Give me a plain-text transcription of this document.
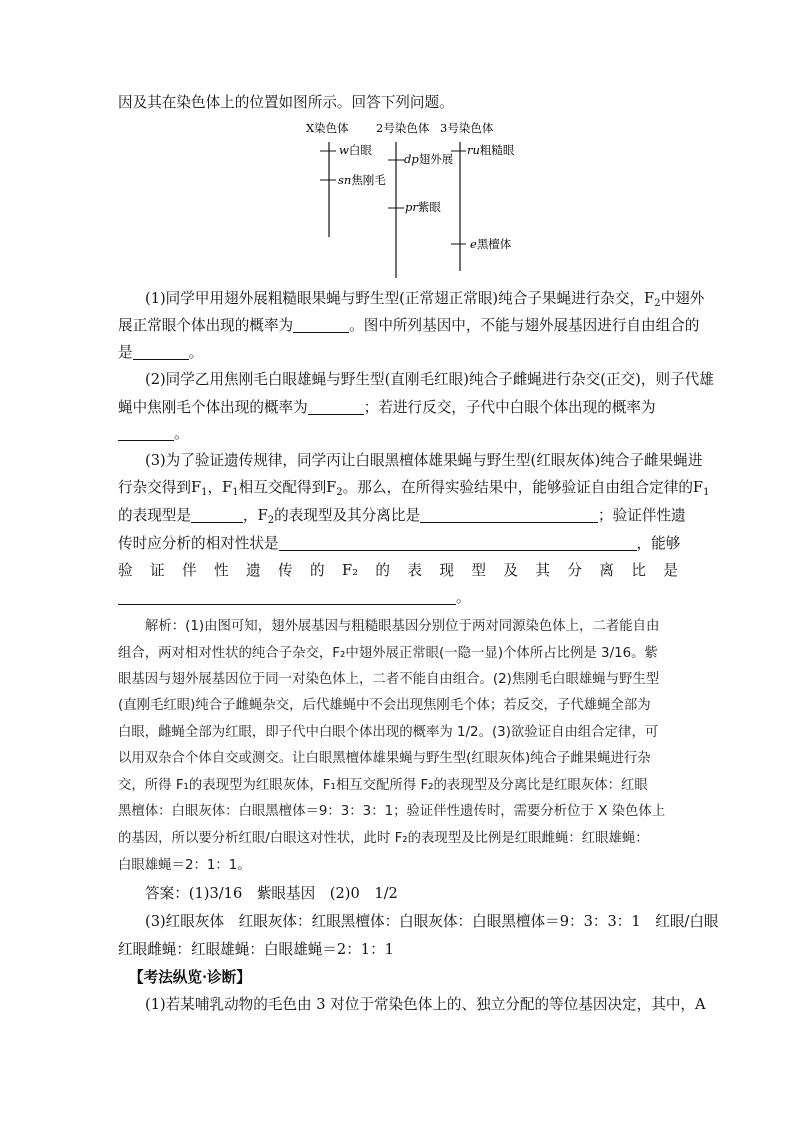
因及其在染色体上的位置如图所示。回答下列问题。
X染色体 2号染色体 3号染色体
w白眼
sn焦刚毛
dp翅外展
pr紫眼
ru粗糙眼
e黑檀体
(1)同学甲用翅外展粗糙眼果蝇与野生型(正常翅正常眼)纯合子果蝇进行杂交，$F_2$中翅外
展正常眼个体出现的概率为	。图中所列基因中，不能与翅外展基因进行自由组合的
是	。
(2)同学乙用焦刚毛白眼雄蝇与野生型(直刚毛红眼)纯合子雌蝇进行杂交(正交)，则子代雄
蝇中焦刚毛个体出现的概率为	；若进行反交，子代中白眼个体出现的概率为
。
(3)为了验证遗传规律，同学丙让白眼黑檀体雄果蝇与野生型(红眼灰体)纯合子雌果蝇进
行杂交得到$F_1$，$F_1$相互交配得到$F_2$。那么，在所得实验结果中，能够验证自由组合定律的$F_1$
的表现型是	，$F_2$的表现型及其分离比是	；验证伴性遗
传时应分析的相对性状是	，能够
验 证 伴 性 遗 传 的 F₂ 的 表 现 型 及 其 分 离 比 是
。
解析：(1)由图可知，翅外展基因与粗糙眼基因分别位于两对同源染色体上，二者能自由
组合，两对相对性状的纯合子杂交，F₂中翅外展正常眼(一隐一显)个体所占比例是 3/16。紫
眼基因与翅外展基因位于同一对染色体上，二者不能自由组合。(2)焦刚毛白眼雄蝇与野生型
(直刚毛红眼)纯合子雌蝇杂交，后代雄蝇中不会出现焦刚毛个体；若反交，子代雄蝇全部为
白眼，雌蝇全部为红眼，即子代中白眼个体出现的概率为 1/2。(3)欲验证自由组合定律，可
以用双杂合个体自交或测交。让白眼黑檀体雄果蝇与野生型(红眼灰体)纯合子雌果蝇进行杂
交，所得 F₁的表现型为红眼灰体，F₁相互交配所得 F₂的表现型及分离比是红眼灰体：红眼
黑檀体：白眼灰体：白眼黑檀体＝9：3：3：1；验证伴性遗传时，需要分析位于 X 染色体上
的基因，所以要分析红眼/白眼这对性状，此时 F₂的表现型及比例是红眼雌蝇：红眼雄蝇：
白眼雄蝇＝2：1：1。
答案：(1)3/16　紫眼基因　(2)0　1/2
(3)红眼灰体　红眼灰体：红眼黑檀体：白眼灰体：白眼黑檀体＝9：3：3：1　红眼/白眼
红眼雌蝇：红眼雄蝇：白眼雄蝇＝2：1：1
【考法纵览·诊断】
(1)若某哺乳动物的毛色由 3 对位于常染色体上的、独立分配的等位基因决定，其中，A
